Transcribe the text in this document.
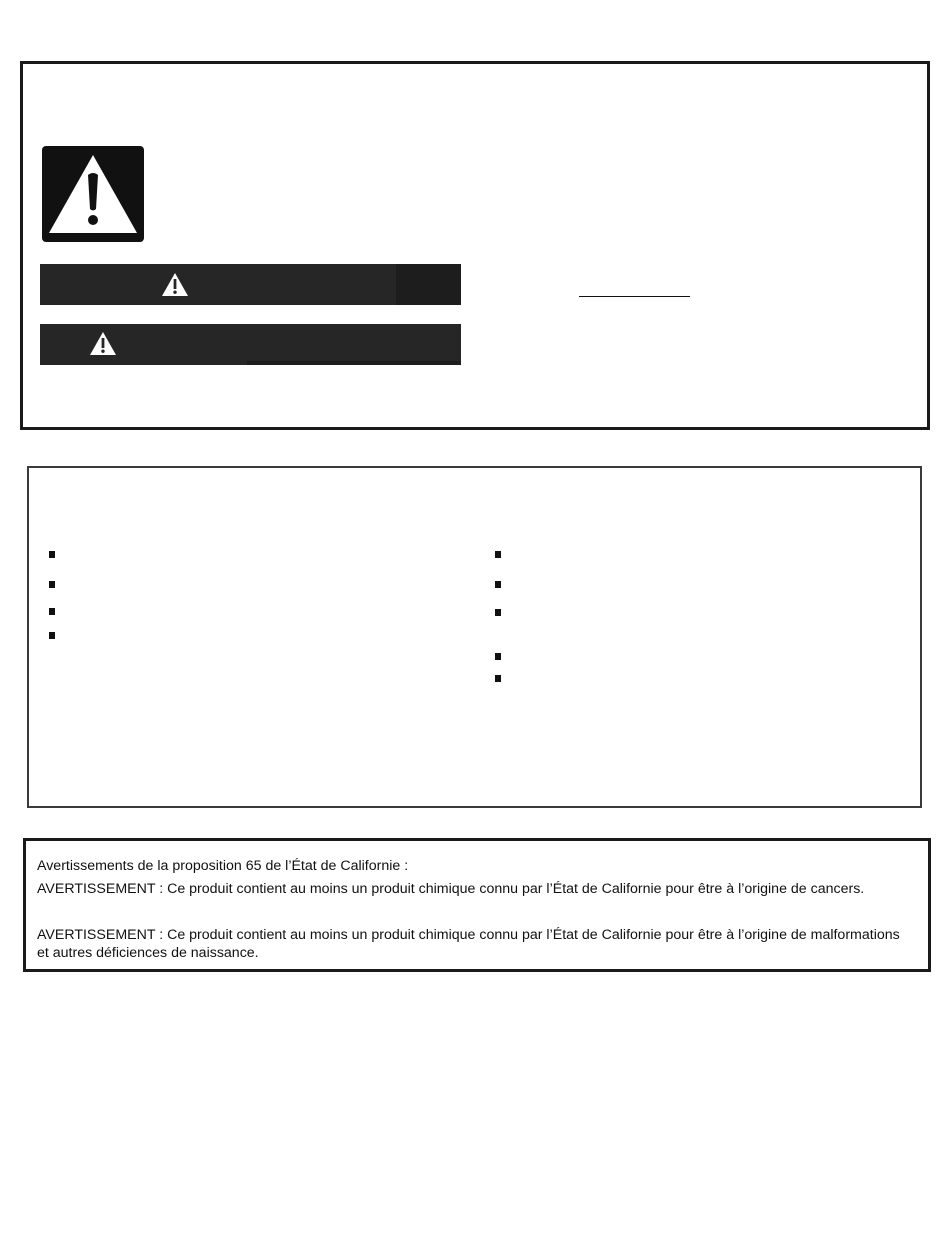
Avertissements de la proposition 65 de l’État de Californie :

AVERTISSEMENT : Ce produit contient au moins un produit chimique connu par l’État de Californie pour être à l’origine de cancers.

AVERTISSEMENT : Ce produit contient au moins un produit chimique connu par l’État de Californie pour être à l’origine de malformations et autres déficiences de naissance.
